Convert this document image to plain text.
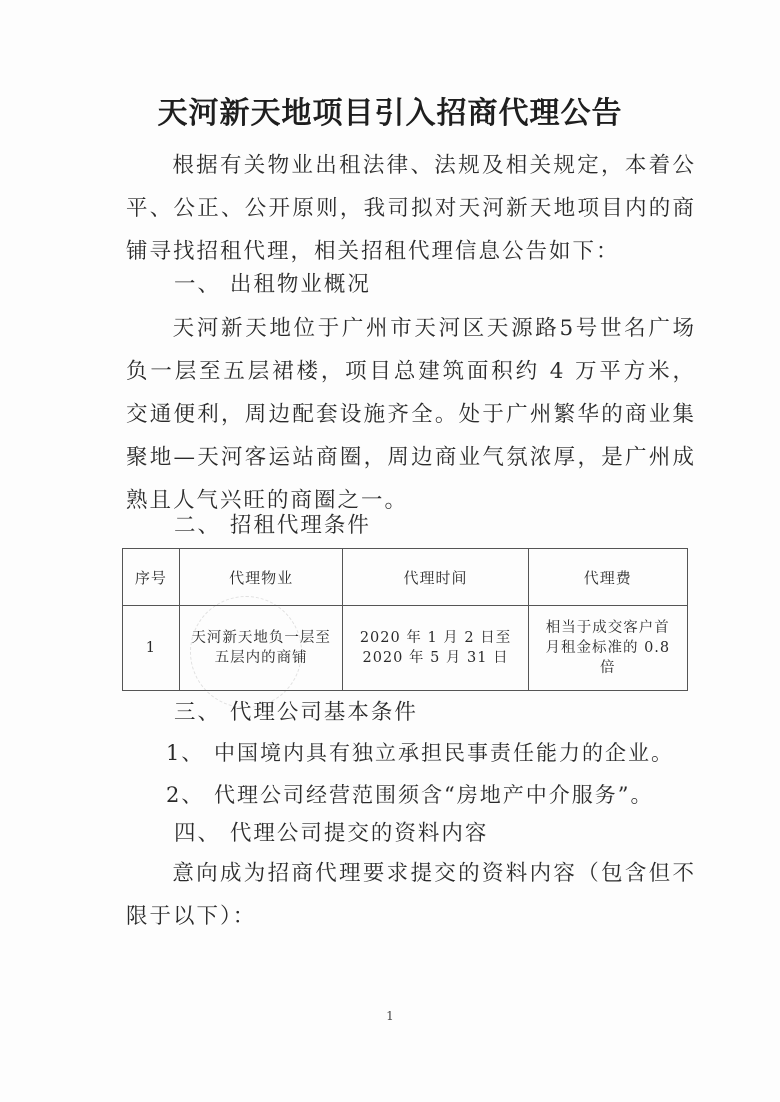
天河新天地项目引入招商代理公告
根据有关物业出租法律、法规及相关规定，本着公平、公正、公开原则，我司拟对天河新天地项目内的商铺寻找招租代理，相关招租代理信息公告如下：
一、 出租物业概况
天河新天地位于广州市天河区天源路5号世名广场负一层至五层裙楼，项目总建筑面积约 4 万平方米，交通便利，周边配套设施齐全。处于广州繁华的商业集聚地—天河客运站商圈，周边商业气氛浓厚，是广州成熟且人气兴旺的商圈之一。
二、 招租代理条件
序号	代理物业	代理时间	代理费
1	天河新天地负一层至五层内的商铺	2020 年 1 月 2 日至 2020 年 5 月 31 日	相当于成交客户首月租金标准的 0.8 倍
三、 代理公司基本条件
1、 中国境内具有独立承担民事责任能力的企业。
2、 代理公司经营范围须含“房地产中介服务”。
四、 代理公司提交的资料内容
意向成为招商代理要求提交的资料内容（包含但不限于以下）：
1
